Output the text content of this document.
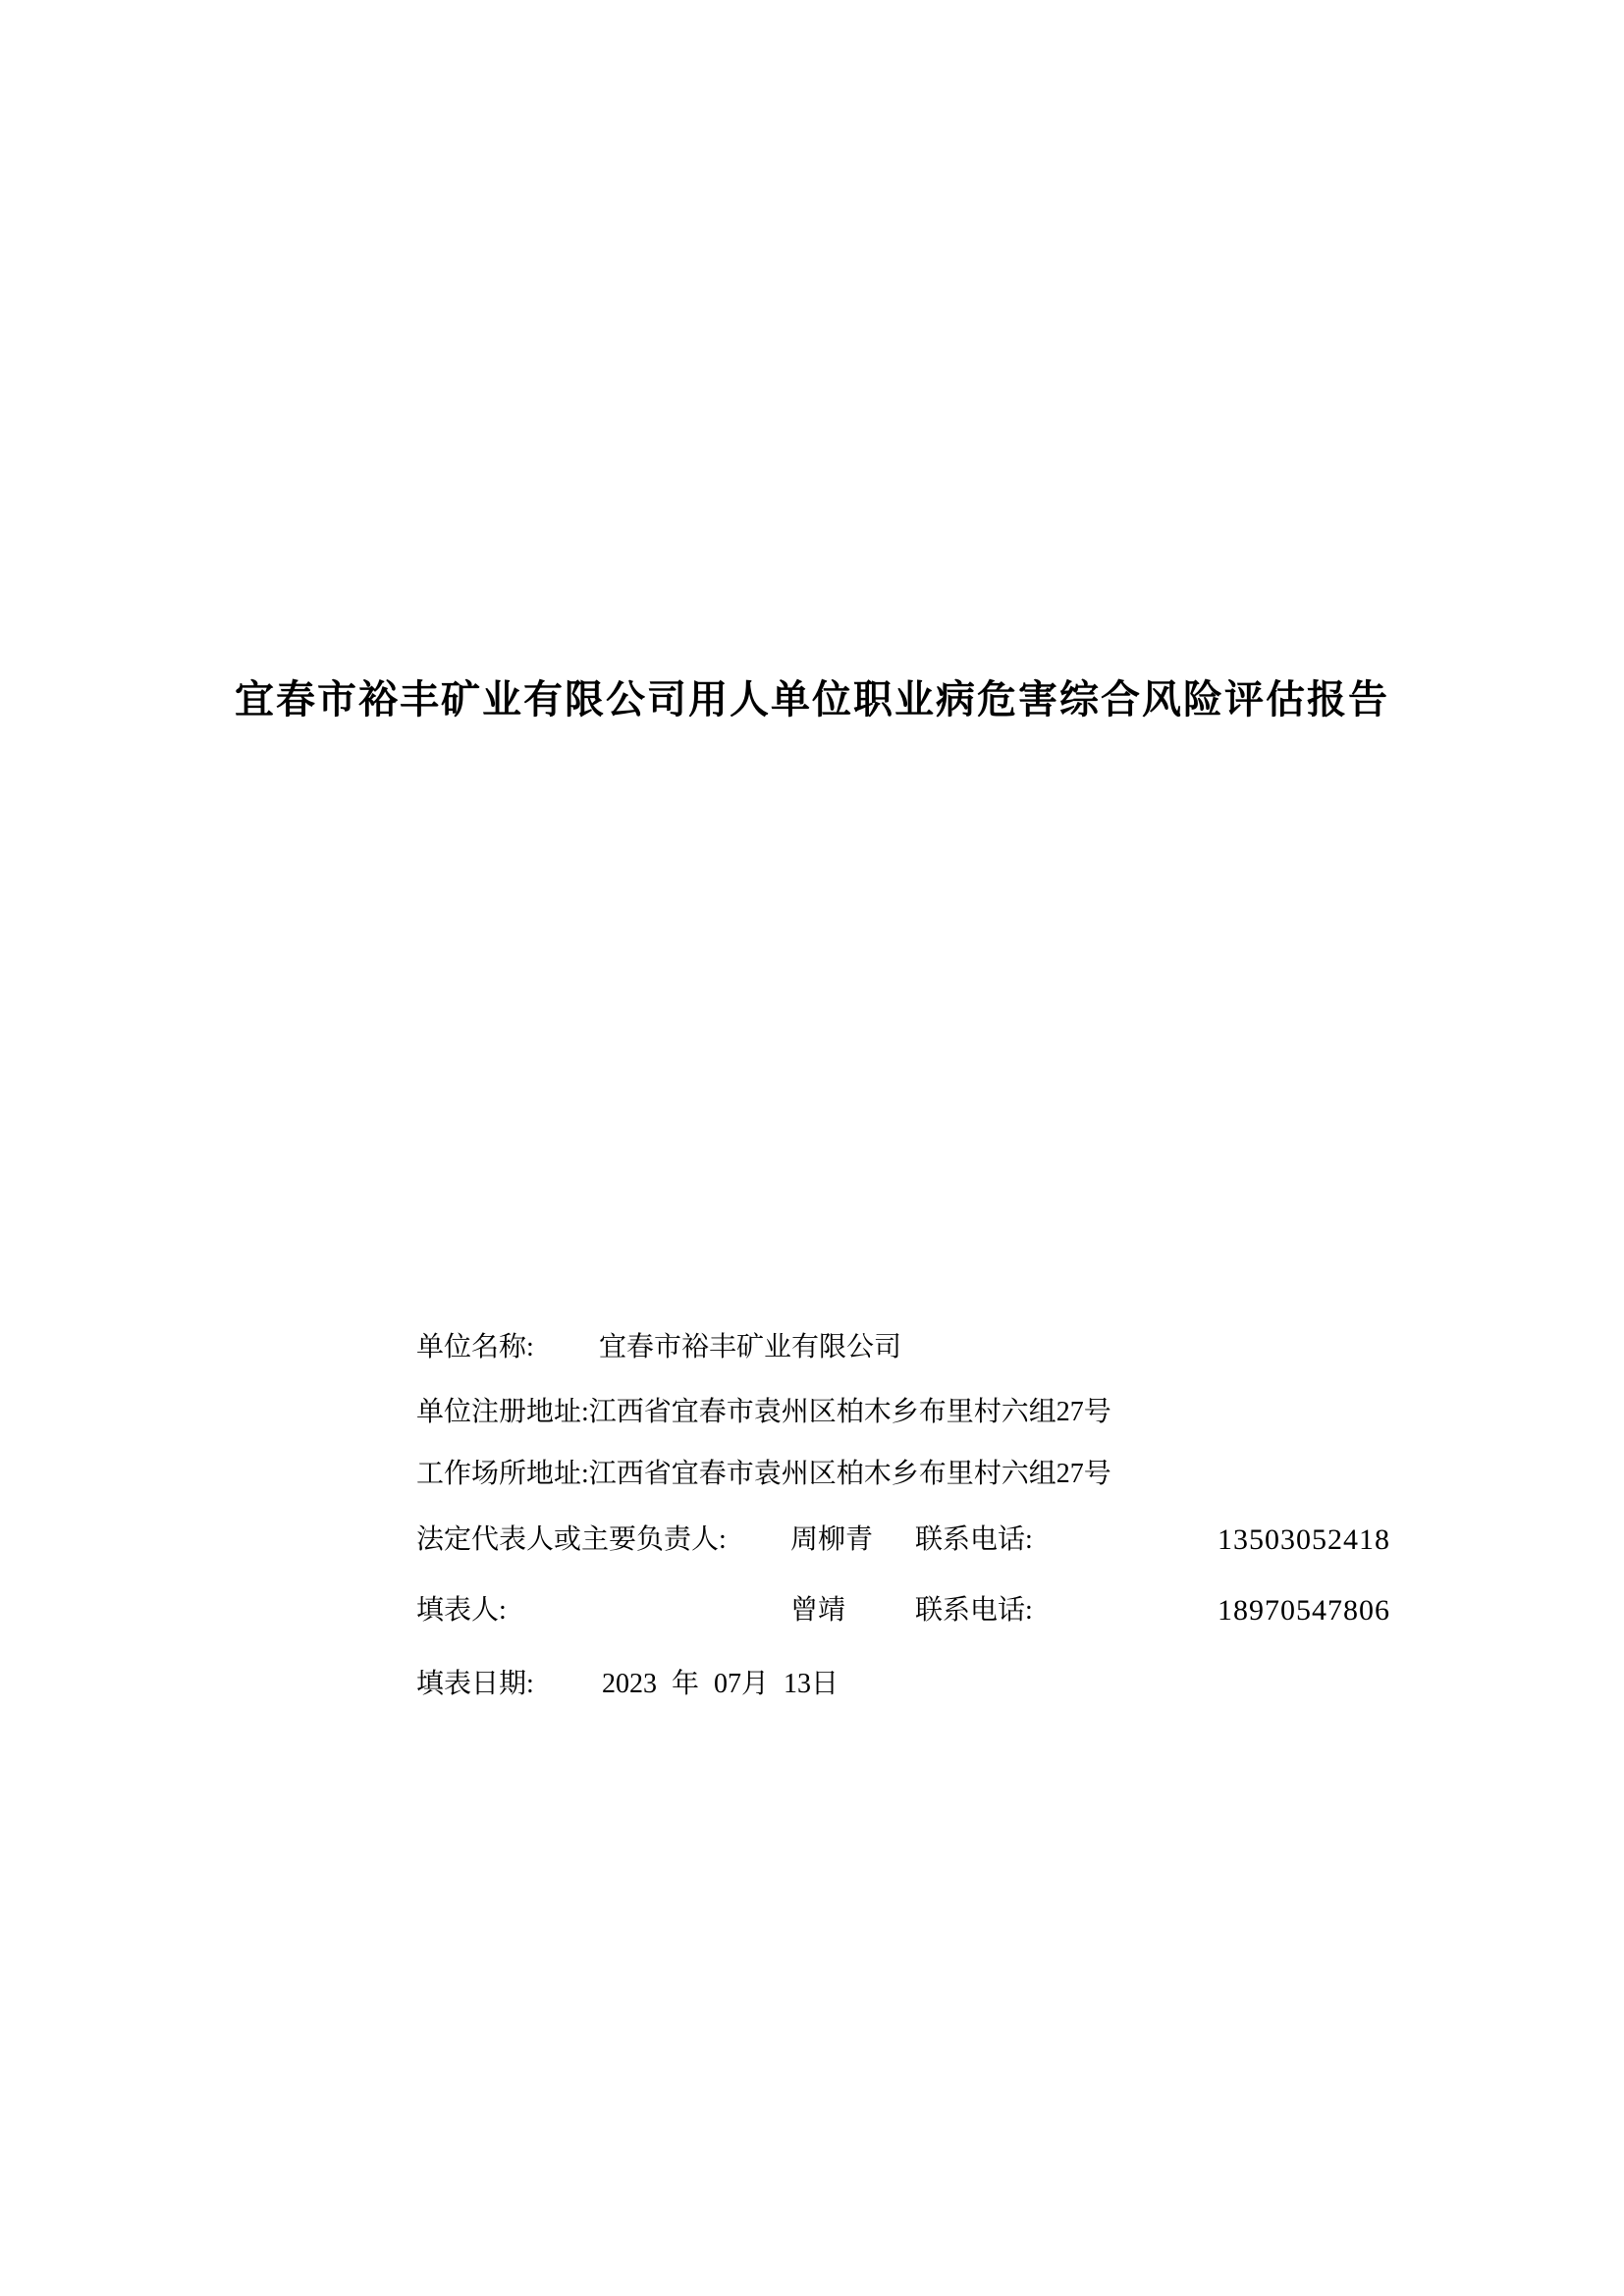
宜春市裕丰矿业有限公司用人单位职业病危害综合风险评估报告
单位名称: 宜春市裕丰矿业有限公司
单位注册地址:江西省宜春市袁州区柏木乡布里村六组27号
工作场所地址:江西省宜春市袁州区柏木乡布里村六组27号
法定代表人或主要负责人: 周柳青 联系电话:	13503052418
填表人:	曾靖	联系电话:	18970547806
填表日期: 2023 年 07月 13日
